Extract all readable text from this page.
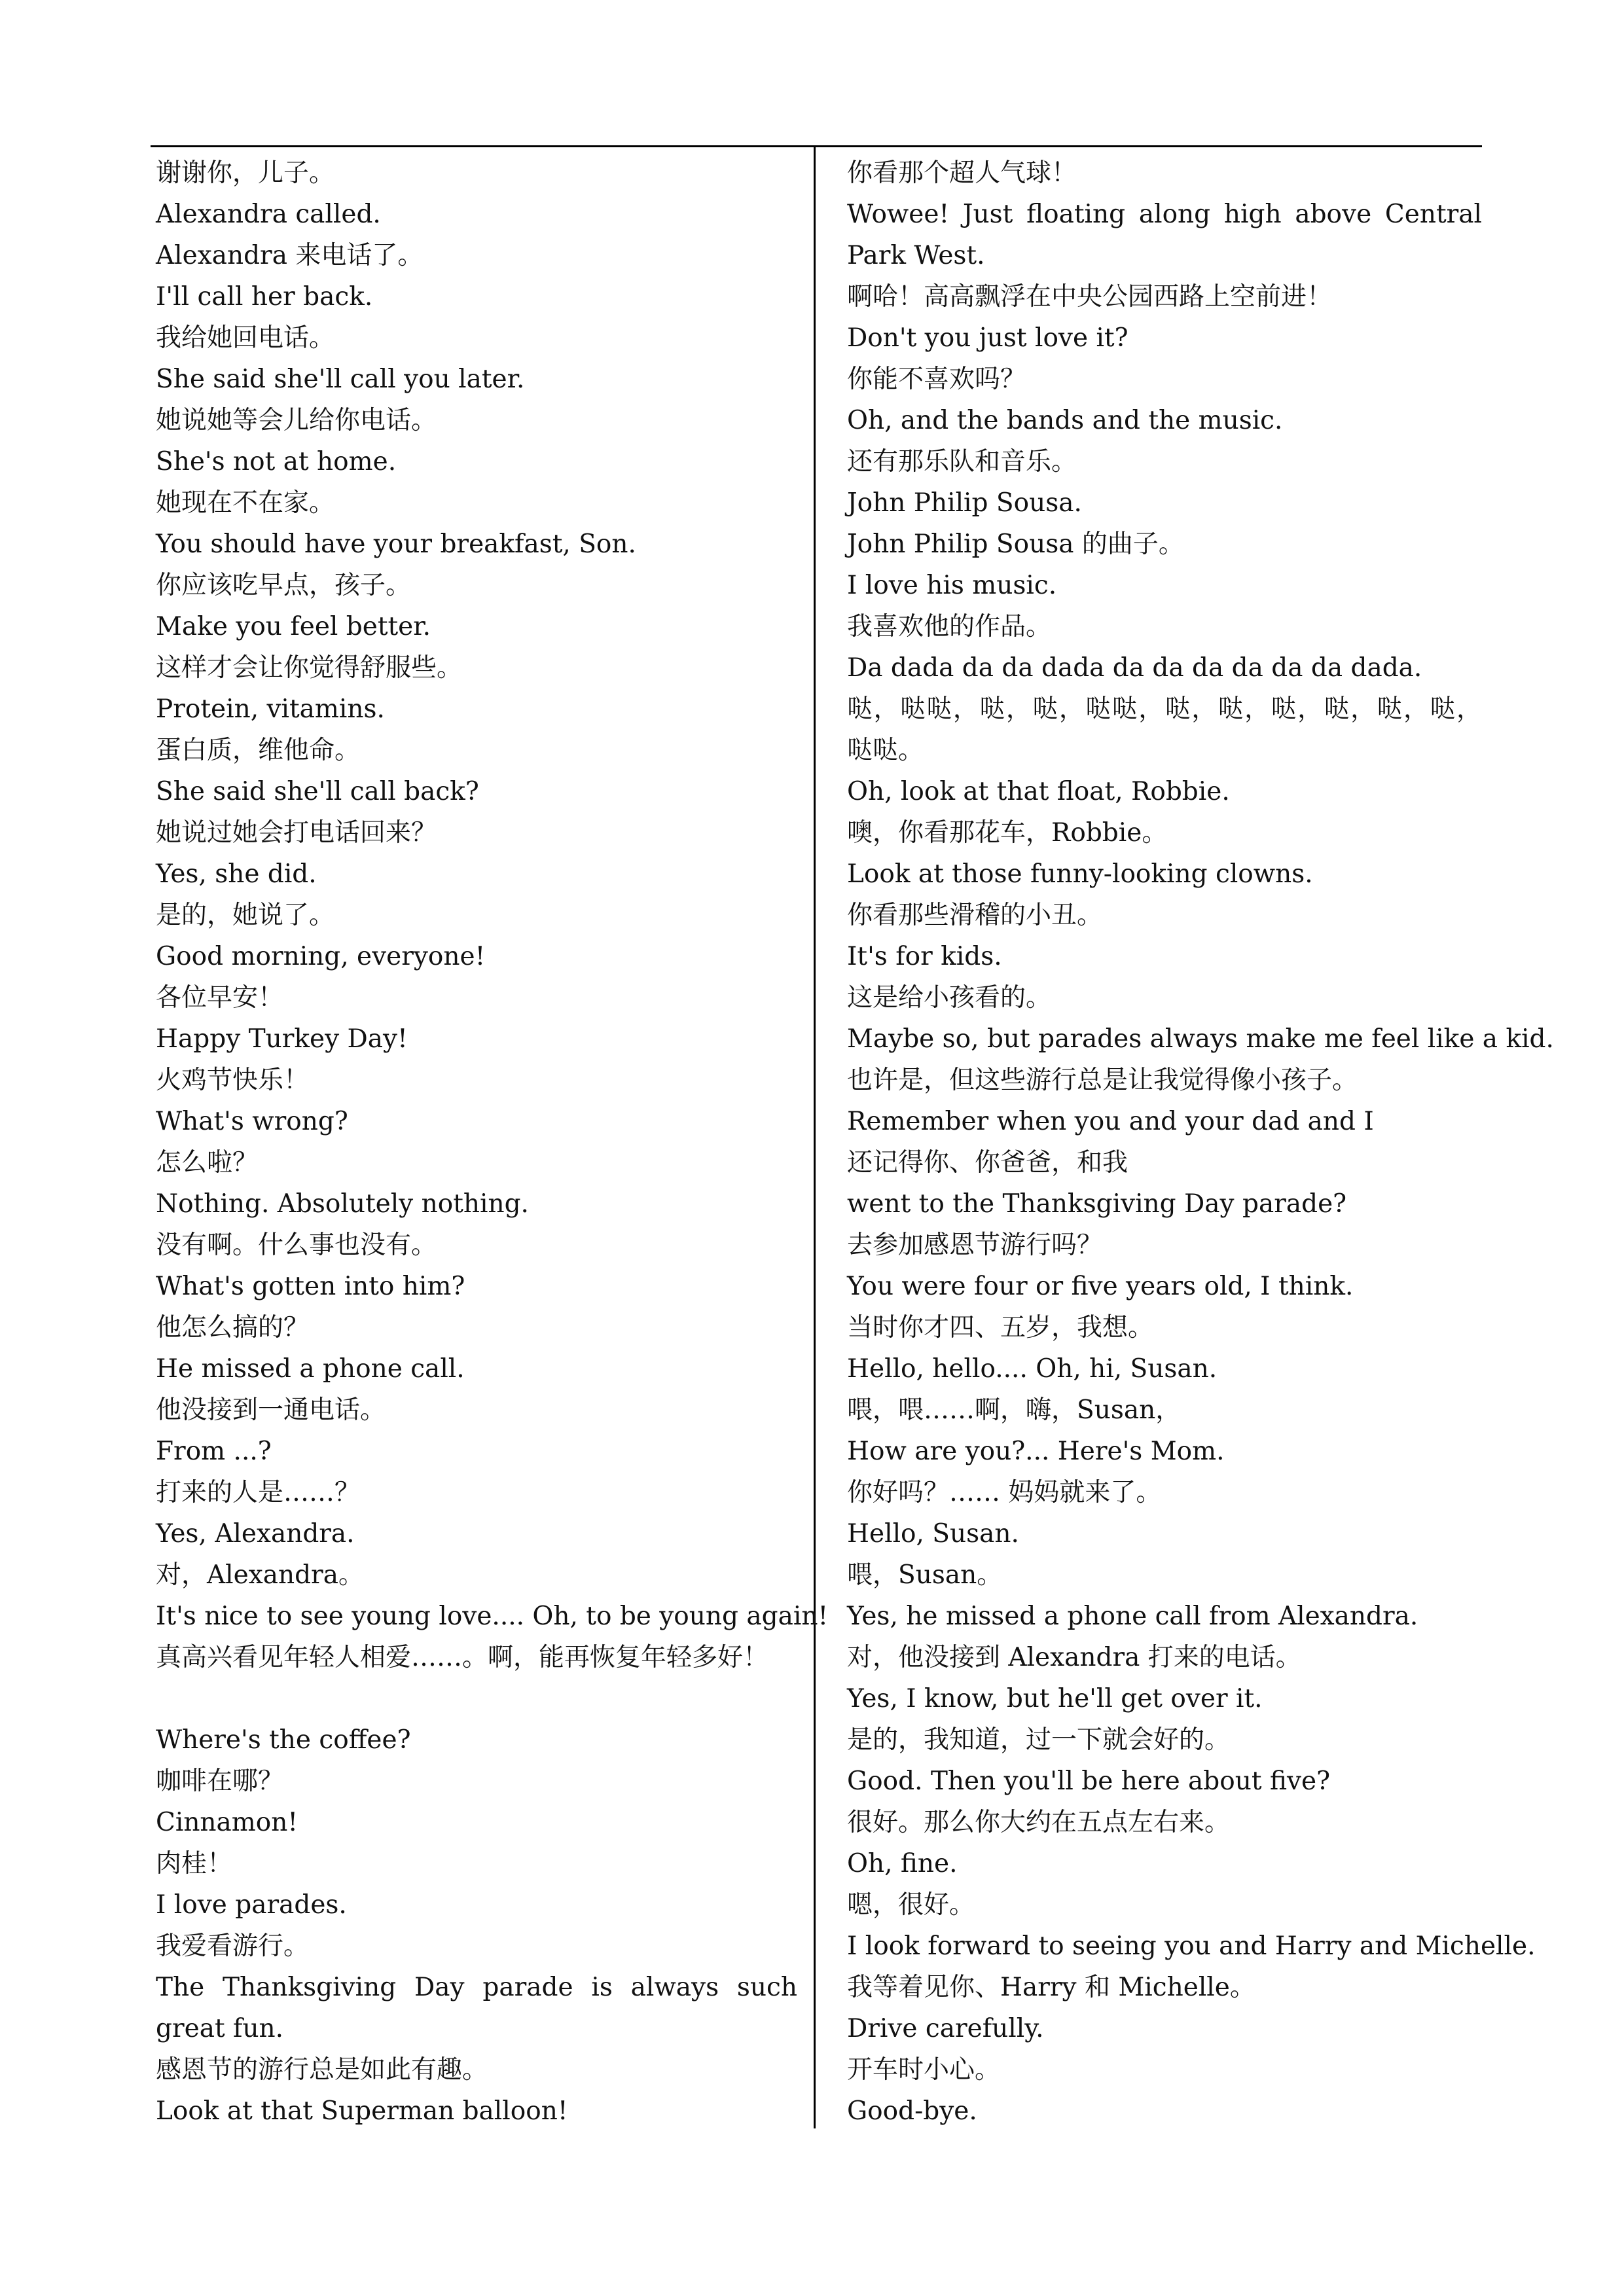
谢谢你，儿子。
Alexandra called.
Alexandra 来电话了。
I'll call her back.
我给她回电话。
She said she'll call you later.
她说她等会儿给你电话。
She's not at home.
她现在不在家。
You should have your breakfast, Son.
你应该吃早点，孩子。
Make you feel better.
这样才会让你觉得舒服些。
Protein, vitamins.
蛋白质，维他命。
She said she'll call back?
她说过她会打电话回来？
Yes, she did.
是的，她说了。
Good morning, everyone!
各位早安！
Happy Turkey Day!
火鸡节快乐！
What's wrong?
怎么啦？
Nothing. Absolutely nothing.
没有啊。什么事也没有。
What's gotten into him?
他怎么搞的？
He missed a phone call.
他没接到一通电话。
From ...?
打来的人是……？
Yes, Alexandra.
对，Alexandra。
It's nice to see young love.... Oh, to be young again!
真高兴看见年轻人相爱……。啊，能再恢复年轻多好！
Where's the coffee?
咖啡在哪？
Cinnamon!
肉桂！
I love parades.
我爱看游行。
The Thanksgiving Day parade is always such great fun.
感恩节的游行总是如此有趣。
Look at that Superman balloon!
你看那个超人气球！
Wowee! Just floating along high above Central Park West.
啊哈！高高飘浮在中央公园西路上空前进！
Don't you just love it?
你能不喜欢吗？
Oh, and the bands and the music.
还有那乐队和音乐。
John Philip Sousa.
John Philip Sousa 的曲子。
I love his music.
我喜欢他的作品。
Da dada da da dada da da da da da da dada.
哒，哒哒，哒，哒，哒哒，哒，哒，哒，哒，哒，哒，哒哒。
Oh, look at that float, Robbie.
噢，你看那花车，Robbie。
Look at those funny-looking clowns.
你看那些滑稽的小丑。
It's for kids.
这是给小孩看的。
Maybe so, but parades always make me feel like a kid.
也许是，但这些游行总是让我觉得像小孩子。
Remember when you and your dad and I
还记得你、你爸爸，和我
went to the Thanksgiving Day parade?
去参加感恩节游行吗？
You were four or five years old, I think.
当时你才四、五岁，我想。
Hello, hello.... Oh, hi, Susan.
喂，喂……啊，嗨，Susan，
How are you?... Here's Mom.
你好吗？…… 妈妈就来了。
Hello, Susan.
喂，Susan。
Yes, he missed a phone call from Alexandra.
对，他没接到 Alexandra 打来的电话。
Yes, I know, but he'll get over it.
是的，我知道，过一下就会好的。
Good. Then you'll be here about five?
很好。那么你大约在五点左右来。
Oh, fine.
嗯，很好。
I look forward to seeing you and Harry and Michelle.
我等着见你、Harry 和 Michelle。
Drive carefully.
开车时小心。
Good-bye.
